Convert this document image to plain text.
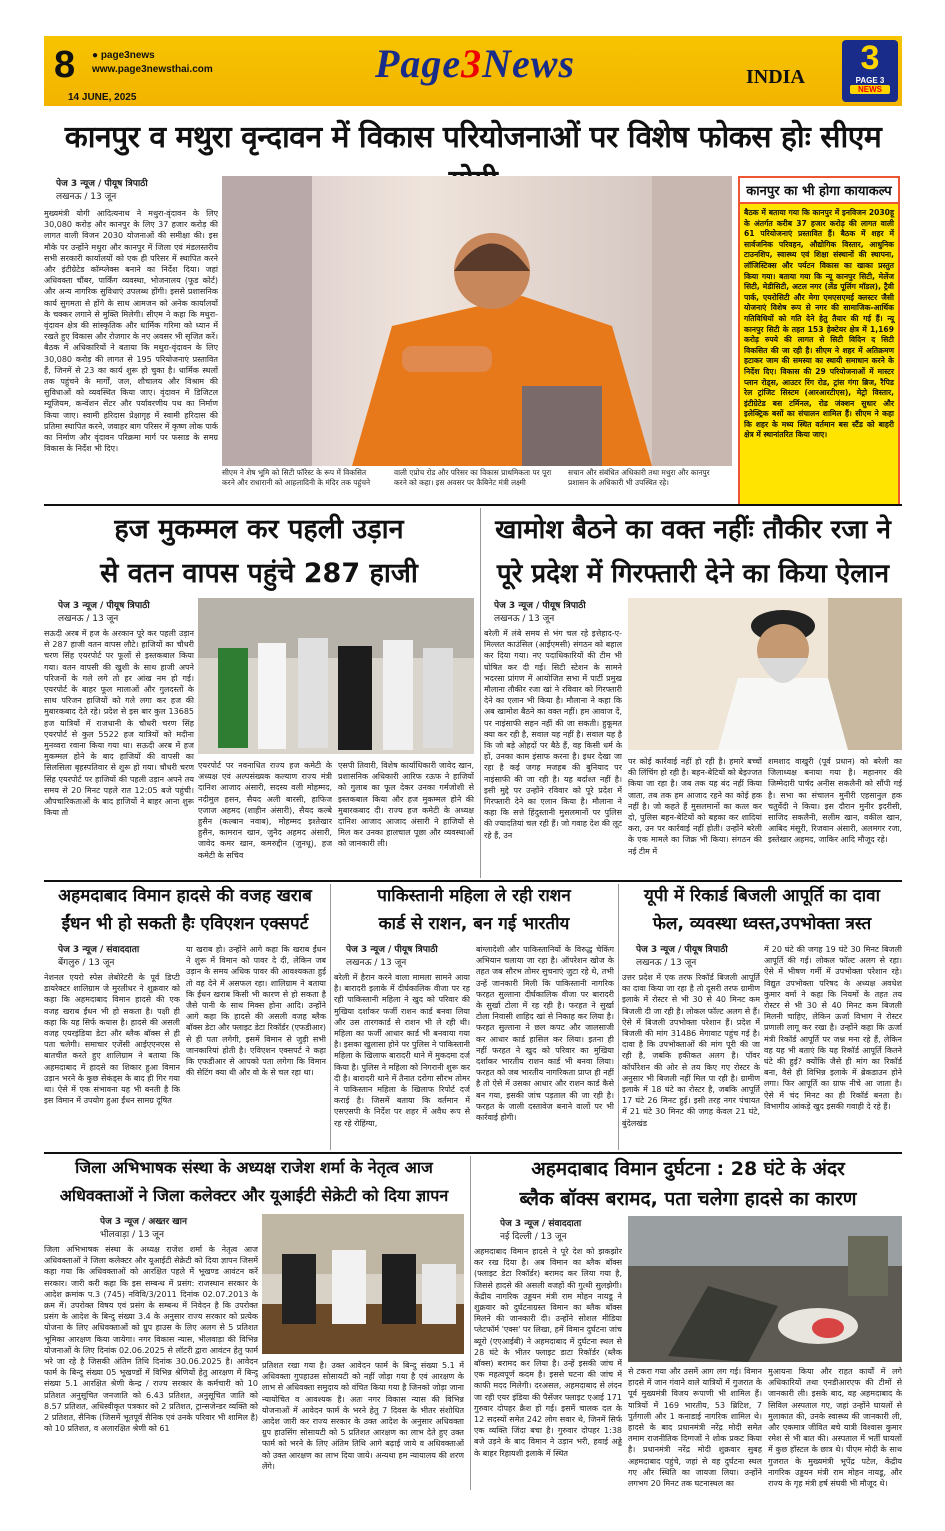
8	● page3news
www.page3newsthai.com
14 JUNE, 2025
Page3News	INDIA	3
PAGE 3
NEWS
कानपुर व मथुरा वृन्दावन में विकास परियोजनाओं पर विशेष फोकस होः सीएम
पेज 3 न्यूज / पीयूष त्रिपाठी
लखनऊ / 13 जून
मुख्यमंत्री योगी आदित्यनाथ ने मथुरा-वृंदावन के लिए 30,080 करोड़ और कानपुर के लिए 37 हजार करोड़ की लागत वाली विजन 2030 योजनाओं की समीक्षा की। इस मौके पर उन्होंने मथुरा और कानपुर में जिला एवं मंडलस्तरीय सभी सरकारी कार्यालयों को एक ही परिसर में स्थापित करने और इंटीग्रेटेड कॉम्प्लेक्स बनाने का निर्देश दिया। जहां अधिवक्ता चौंबर, पार्किंग व्यवस्था, भोजनालय (फूड कोर्ट) और अन्य नागरिक सुविधाएं उपलब्ध होंगी। इससे प्रशासनिक कार्य सुगमता से होंगे के साथ आमजन को अनेक कार्यालयों के चक्कर लगाने से मुक्ति मिलेगी। सीएम ने कहा कि मथुरा-वृंदावन क्षेत्र की सांस्कृतिक और धार्मिक गरिमा को ध्यान में रखते हुए विकास और रोजगार के नए अवसर भी सृजित करें। बैठक में अधिकारियों ने बताया कि मथुरा-वृंदावन के लिए 30,080 करोड़ की लागत से 195 परियोजनाएं प्रस्तावित हैं, जिनमें से 23 का कार्य शुरू हो चुका है। धार्मिक स्थलों तक पहुंचने के मार्गों, जल, शौचालय और विश्राम की सुविधाओं को व्यवस्थित किया जाए। वृंदावन में डिजिटल म्यूजियम, कन्वेंशन सेंटर और पर्यावरणीय पथ का निर्माण किया जाए। स्वामी हरिदास प्रेक्षागृह में स्वामी हरिदास की प्रतिमा स्थापित करने, जवाहर बाग परिसर में कृष्ण लोक पार्क का निर्माण और वृंदावन परिक्रमा मार्ग पर फसाड के समग्र विकास के निर्देश भी दिए।
सीएम ने शेष भूमि को सिटी फॉरेस्ट के रूप में विकसित करने और राधारानी को आहलादिनी के मंदिर तक पहुंचने
वाली एप्रोच रोड और परिसर का विकास प्राथमिकता पर पूरा करने को कहा। इस अवसर पर कैबिनेट मंत्री लक्ष्मी
सचान और संबंधित अधिकारी तथा मथुरा और कानपुर प्रशासन के अधिकारी भी उपस्थित रहे।
कानपुर का भी होगा कायाकल्प
बैठक में बताया गया कि कानपुर में इनविजन 2030हू के अंतर्गत करीब 37 हजार करोड़ की लागत वाली 61 परियोजनाएं प्रस्तावित हैं। बैठक में शहर में सार्वजनिक परिवहन, औद्योगिक विस्तार, आधुनिक टाउनशिप, स्वास्थ्य एवं शिक्षा संस्थानों की स्थापना, लॉजिस्टिक्स और पर्यटन विकास का खाका प्रस्तुत किया गया। बताया गया कि न्यू कानपुर सिटी, मेलेंज सिटी, मेडीसिटी, अटल नगर (लेंड पूलिंग मॉडल), ट्रैवी पार्क, एयरोसिटी और मेगा एमएसएमई क्लस्टर जैसी योजनाएं विशेष रूप से नगर की सामाजिक-आर्थिक गतिविधियों को गति देने हेतु तैयार की गई हैं। न्यू कानपुर सिटी के तहत 153 हेक्टेयर क्षेत्र में 1,169 करोड़ रुपये की लागत से सिटी विदिन द सिटी विकसित की जा रही है। सीएम ने शहर में अतिक्रमण हटाकर जाम की समस्या का स्थायी समाधान करने के निर्देश दिए। विकास की 29 परियोजनाओं में मास्टर प्लान रोड्स, आउटर रिंग रोड, ट्रांस गंगा ब्रिज, रैपिड रेल ट्रांजिट सिस्टम (आरआरटीएस), मेट्रो विस्तार, इंटीग्रेटेड बस टर्मिनल, रोड जंक्शन सुधार और इलेक्ट्रिक बसों का संचालन शामिल हैं। सीएम ने कहा कि शहर के मध्य स्थित वर्तमान बस स्टैंड को बाहरी क्षेत्र में स्थानांतरित किया जाए।
हज मुकम्मल कर पहली उड़ान
से वतन वापस पहुंचे 287 हाजी
पेज 3 न्यूज / पीयूष त्रिपाठी
लखनऊ / 13 जून
सऊदी अरब में हज के अरकान पूरे कर पहली उड़ान से 287 हाजी वतन वापस लौटे। हाजियों का चौधरी चरण सिंह एयरपोर्ट पर फूलों से इस्तकबाल किया गया। वतन वापसी की खुशी के साथ हाजी अपने परिजनों के गले लगे तो हर आंख नम हो गई। एयरपोर्ट के बाहर फूल मालाओं और गुलदस्तों के साथ परिजन हाजियों को गले लगा कर हज की मुबारकबाद देते रहे। प्रदेश से इस बार कुल 13685 हज यात्रियों में राजधानी के चौधरी चरण सिंह एयरपोर्ट से कुल 5522 हज यात्रियों को मदीना मुनव्वरा रवाना किया गया था। सऊदी अरब में हज मुकम्मल होने के बाद हाजियों की वापसी का सिलसिला बृहस्पतिवार से शुरू हो गया। चौधरी चरण सिंह एयरपोर्ट पर हाजियों की पहली उड़ान अपने तय समय से 20 मिनट पहले रात 12:05 बजे पहुंची। औपचारिकताओं के बाद हाजियों ने बाहर आना शुरू किया तो
एयरपोर्ट पर नवनाधित राज्य हज कमेटी के अध्यक्ष एवं अल्पसंख्यक कल्याण राज्य मंत्री दानिश आजाद अंसारी, सदस्य वली मोहम्मद, नदीमुल हसन, सैयद अली बारसी, हाफिज एजाज अहमद (शाहीन अंसारी), सैयद कल्बे हुसैन (कल्बान नवाब), मोहम्मद इश्तेखार हुसैन, कामरान खान, जुनैद अहमद अंसारी, जावेद कमर खान, कमरुद्दीन (जुनधू), हज कमेटी के सचिव
एसपी तिवारी, विशेष कार्याधिकारी जावेद खान, प्रशासनिक अधिकारी आरिफ रऊफ ने हाजियों को गुलाब का फूल देकर उनका गर्मजोशी से इस्तकबाल किया और हज मुकम्मल होने की मुबारकबाद दी। राज्य हज कमेटी के अध्यक्ष दानिश आजाद आजाद अंसारी ने हाजियों से मिल कर उनका हालचाल पूछा और व्यवस्थाओं को जानकारी ली।
खामोश बैठने का वक्त नहींः तौकीर रजा ने
पूरे प्रदेश में गिरफ्तारी देने का किया ऐलान
पेज 3 न्यूज / पीयूष त्रिपाठी
लखनऊ / 13 जून
बरेली में लंबे समय से भंग चल रहे इत्तेहाद-ए-मिल्लत काउंसिल (आईएमसी) संगठन को बहाल कर दिया गया। नए पदाधिकारियों की टीम भी घोषित कर दी गई। सिटी स्टेशन के सामने भदरसा प्रांगण में आयोजित सभा में पार्टी प्रमुख मौलाना तौकीर रजा खां ने रविवार को गिरफ्तारी देने का एलान भी किया है। मौलाना ने कहा कि अब खामोश बैठने का वक्त नहीं। हम आवाज दें, पर नाइंसाफी सहन नहीं की जा सकती। हुकूमत क्या कर रही है, सवाल यह नहीं है। सवाल यह है कि जो बड़े ओहदों पर बैठे हैं, वह किसी धर्म के हों, उनका काम इंसाफ करना है। इधर देखा जा रहा है कई जगह मजहब की बुनियाद पर नाइंसाफी की जा रही है। यह बर्दाश्त नहीं है। इसी मुद्दे पर उन्होंने रविवार को पूरे प्रदेश में गिरफ्तारी देने का एलान किया है। मौलाना ने कहा कि सत्ते हिंदुस्तानी मुसलमानों पर पुलिस की ज्यादतियां चल रही हैं। जो गवाह देश की लूट रहे हैं, उन
पर कोई कार्रवाई नहीं हो रही है। हमारे बच्चों की लिंचिंग हो रही है। बहन-बेटियों को बेइज्जत किया जा रहा है। जब तक यह बंद नहीं किया जाता, तब तक हम आजाद रहने का कोई हक नहीं है। जो कहते हैं मुसलमानों का कत्ल कर दो, पुलिस बहन-बेटियों को बहका कर शादियां करा, उन पर कार्रवाई नहीं होती। उन्होंने बरेली के एक मामले का जिक्र भी किया। संगठन की नई टीम में
शमशाद वाखुरी (पूर्व प्रधान) को बरेली का जिलाध्यक्ष बनाया गया है। महानगर की जिम्मेदारी पार्षद अनीस सकलैनी को सौंपी गई है। सभा का संचालन मुनीरी एहसानुल हक चतुर्वेदी ने किया। इस दौरान मुनीर इदरीसी, साजिद सकलैनी, सलीम खान, वकील खान, आबिद मंसूरी, रिजवान अंसारी, अलमगर रजा, इस्तेखार अहमद, जाकिर आदि मौजूद रहे।
अहमदाबाद विमान हादसे की वजह खराब
ईंधन भी हो सकती हैः एविएशन एक्सपर्ट
पेज 3 न्यूज / संवाददाता
बेंगलुरु / 13 जून
नेशनल एयरो स्पेस लेबोरेटरी के पूर्व डिप्टी डायरेक्टर शालिग्राम जे मुरलीधर ने शुक्रवार को कहा कि अहमदाबाद विमान हादसे की एक वजह खराब ईंधन भी हो सकता है। पक्षी ही कहा कि यह सिर्फ कयास है। हादसे की असली वजह एयरइंडिया डेटा और ब्लैक बॉक्स से ही पता चलेगी। समाचार एजेंसी आईएएनएस से बातचीत करते हुए शालिग्राम ने बताया कि अहमदाबाद में हादसे का शिकार हुआ विमान उड़ान भरने के कुछ सेकंड्स के बाद ही गिर गया था। ऐसे में एक संभावना यह भी बनती है कि इस विमान में उपयोग हुआ ईंधन सामग्र दूषित
या खराब हो। उन्होंने आगे कहा कि खराब ईंधन ने शुरू में विमान को पावर दे दी, लेकिन जब उड़ान के समय अधिक पावर की आवश्यकता हुई तो वह देने में असफल रहा। शालिग्राम ने बताया कि ईंधन खराब किसी भी कारण से हो सकता है जैसे पानी के साथ मिक्स होना आदि। उन्होंने आगे कहा कि हादसे की असली वजह ब्लैक बॉक्स डेटा और फ्लाइट डेटा रिकॉर्डर (एफडीआर) से ही पता लगेगी, इसमें विमान से जुड़ी सभी जानकारियां होती है। एविएशन एक्सपर्ट ने कहा कि एफडीआर से आपको पता लगेगा कि विमान की सेटिंग क्या थी और वो के से चल रहा था।
पाकिस्तानी महिला ले रही राशन
कार्ड से राशन, बन गई भारतीय
पेज 3 न्यूज / पीयूष त्रिपाठी
लखनऊ / 13 जून
बरेली में हैरान करने वाला मामला सामने आया है। बारादरी इलाके में दीर्घकालिक वीजा पर रह रही पाकिस्तानी महिला ने खुद को परिवार की मुखिया दर्शाकर फर्जी राशन कार्ड बनवा लिया और उस तारगकार्ड से राशन भी ले रही थी। महिला का फर्जी आधार कार्ड भी बनवाया गया है। इसका खुलासा होने पर पुलिस ने पाकिस्तानी महिला के खिलाफ बारादरी थाने में मुकदमा दर्ज किया है। पुलिस ने महिला को निगरानी शुरू कर दी है। बारादरी थाने में तैनात दरोगा सौरभ तोमर ने पाकिस्तान महिला के खिलाफ रिपोर्ट दर्ज कराई है। जिसमें बताया कि वर्तमान में एसएसपी के निर्देश पर शहर में अवैध रूप से रह रहे रोहिंग्या,
बांग्लादेशी और पाकिस्तानियों के विरुद्ध चेकिंग अभियान चलाया जा रहा है। ऑपरेशन खोज के तहत जब सौरभ तोमर सुचनाएं जुटा रहे थे, तभी उन्हें जानकारी मिली कि पाकिस्तानी नागरिक फरहत सुल्ताना दीर्घकालिक वीजा पर बारादरी के सुर्खा टोला में रह रही है। फरहत ने सुर्खा टोला निवासी शाहिद खां से निकाह कर लिया है। फरहत सुल्ताना ने छल कपट और जालसाजी कर आधार कार्ड हासिल कर लिया। इतना ही नहीं फरहत ने खुद को परिवार का मुखिया दर्शाकर भारतीय राशन कार्ड भी बनवा लिया। फरहत को जब भारतीय नागरिकता प्राप्त ही नहीं है तो ऐसे में उसका आधार और राशन कार्ड कैसे बन गया, इसकी जांच पड़ताल की जा रही है। फरहत के जाली दस्तावेज बनाने वालों पर भी कार्रवाई होगी।
यूपी में रिकार्ड बिजली आपूर्ति का दावा
फेल, व्यवस्था ध्वस्त,उपभोक्ता त्रस्त
पेज 3 न्यूज / पीयूष त्रिपाठी
लखनऊ / 13 जून
उत्तर प्रदेश में एक तरफ रिकॉर्ड बिजली आपूर्ति का दावा किया जा रहा है तो दूसरी तरफ ग्रामीण इलाके में रोस्टर से भी 30 से 40 मिनट कम बिजली दी जा रही है। लोकल फॉल्ट अलग से हैं। ऐसे में बिजली उपभोक्ता परेशान हैं। प्रदेश में बिजली की मांग 31486 मेगावाट पहुंच गई है। दावा है कि उपभोक्ताओं की मांग पूरी की जा रही है, जबकि हकीकत अलग है। पॉवर कॉर्पोरेशन की ओर से तय किए गए रोस्टर के अनुसार भी बिजली नहीं मिल पा रही है। ग्रामीण इलाके में 18 घंटे का रोस्टर है, जबकि आपूर्ति 17 घंटे 26 मिनट हुई। इसी तरह नगर पंचायत में 21 घंटे 30 मिनट की जगह केवल 21 घंटे, बुंदेलखंड
में 20 घंटे की जगह 19 घंटे 30 मिनट बिजली आपूर्ति की गई। लोकल फॉल्ट अलग से रहा। ऐसे में भीषण गर्मी में उपभोक्ता परेशान रहे। विद्युत उपभोक्ता परिषद के अध्यक्ष अवधेश कुमार वर्मा ने कहा कि नियमों के तहत तय रोस्टर से भी 30 से 40 मिनट कम बिजली मिलनी चाहिए, लेकिन ऊर्जा विभाग ने रोस्टर प्रणाली लागू कर रखा है। उन्होंने कहा कि ऊर्जा मंत्री रिकॉर्ड आपूर्ति पर जश्न मना रहे हैं, लेकिन वह यह भी बताएं कि यह रिकॉर्ड आपूर्ति कितने घंटे की हुई? क्योंकि जैसे ही मांग का रिकॉर्ड बना, वैसे ही विभिन्न इलाके में ब्रेकडाउन होने लगा। फिर आपूर्ति का ग्राफ नीचे आ जाता है। ऐसे में चंद मिनट का ही रिकॉर्ड बनता है। विभागीय आंकड़े खुद इसकी गवाही दे रहे हैं।
जिला अभिभाषक संस्था के अध्यक्ष राजेश शर्मा के नेतृत्व आज
अधिवक्ताओं ने जिला कलेक्टर और यूआईटी सेक्रेटी को दिया ज्ञापन
पेज 3 न्यूज / अख्तर खान
भीलवाड़ा / 13 जून
जिला अभिभाषक संस्था के अध्यक्ष राजेश शर्मा के नेतृत्व आज अधिवक्ताओं ने जिला कलेक्टर और यूआईटी सेक्रेटी को दिया ज्ञापन जिसमें कहा गया कि अधिवक्ताओं को आरक्षित पहले में भूखण्ड आवंटन करें सरकार। जारी करी कहा कि इस सम्बन्ध में प्रसंग: राजस्थान सरकार के आदेश क्रमांक प.3 (745) नविवि/3/2011 दिनांक 02.07.2013 के क्रम में। उपरोक्त विषय एवं प्रसंग के सम्बन्ध में निवेदन है कि उपरोक्त प्रसंग के आदेश के बिन्दु संख्या 3.4 के अनुसार राज्य सरकार को प्रत्येक योजना के लिए अधिवक्ताओं को ग्रुप हाउस के लिए अलग से 5 प्रतिशत भूमिका आरक्षण किया जायेगा। नगर विकास न्यास, भीलवाड़ा की विभिन्न योजनाओं के लिए दिनांक 02.06.2025 से लॉटरी द्वारा आवंटन हेतु फार्म भरे जा रहे है जिसकी अंतिम तिथि दिनांक 30.06.2025 है। आवेदन फार्म के बिन्दु संख्या 05 भूखण्डों में विभिन्न श्रेणियों हेतु आरक्षण में बिन्दु संख्या 5.1 आरक्षित श्रेणी केन्द्र / राज्य सरकार के कर्मचारी को 10 प्रतिशत अनुसूचित जनजाति को 6.43 प्रतिशत, अनुसूचित जाति को 8.57 प्रतिशत, अधिस्वीकृत पत्रकार को 2 प्रतिशत, ट्रान्सजेन्डर व्यक्ति को 2 प्रतिशत, सैनिक (जिसमें भूतपूर्व सैनिक एवं उनके परिवार भी शामिल है) को 10 प्रतिशत, व अलारक्षित श्रेणी को 61
प्रतिशत रखा गया है। उक्त आवेदन फार्म के बिन्दु संख्या 5.1 में अधिवक्ता गुपहाउस सोसायटी को नहीं जोड़ा गया है एवं आरक्षण के लाभ से अधिवक्ता समुदाय को वंचित किया गया है जिनको जोड़ा जाना न्यायोचित व आवश्यक है। अतः नगर विकास न्यास की विभिन्न योजनाओं में आवेदन फार्म के भरने हेतु 7 दिवस के भीतर संशोधित आदेश जारी कर राज्य सरकार के उक्त आदेश के अनुसार अधिवक्ता ग्रुप हाउसिंग सोसायटी को 5 प्रतिशत आरक्षण का लाभ देते हुए उक्त फार्म को भरने के लिए अंतिम तिथि आगे बढ़ाई जाये व अधिवक्ताओं को उक्त आरक्षण का लाभ दिया जाये। अन्यथा हम न्यायालय की शरण लेंगे।
अहमदाबाद विमान दुर्घटना : 28 घंटे के अंदर
ब्लैक बॉक्स बरामद, पता चलेगा हादसे का कारण
पेज 3 न्यूज / संवाददाता
नई दिल्ली / 13 जून
अहमदाबाद विमान हादसे ने पूरे देश को झकझोर कर रख दिया है। अब विमान का ब्लैक बॉक्स (फ्लाइट डेटा रिकॉर्डर) बरामद कर लिया गया है, जिससे हादसे की असली वजहों की गुत्थी सुलझेगी। केंद्रीय नागरिक उड्डयन मंत्री राम मोहन नायडू ने शुक्रवार को दुर्घटनाग्रस्त विमान का ब्लैक बॉक्स मिलने की जानकारी दी। उन्होंने सोशल मीडिया प्लेटफॉर्म 'एक्स' पर लिखा, हमें विमान दुर्घटना जांच ब्यूरो (एएआईबी) ने अहमदाबाद में दुर्घटना स्थल से 28 घंटे के भीतर फ्लाइट डाटा रिकॉर्डर (ब्लैक बॉक्स) बरामद कर लिया है। उन्हें इसकी जांच में एक महत्वपूर्ण कदम है। इससे घटना की जांच में काफी मदद मिलेगी। दरअसल, अहमदाबाद से लंदन जा रही एयर इंडिया की पैसेंजर फ्लाइट एआई 171 गुरुवार दोपहर क्रैश हो गई। इसमें चालक दल के 12 सदस्यों समेत 242 लोग सवार थे, जिनमें सिर्फ एक व्यक्ति जिंदा बचा है। गुरुवार दोपहर 1:38 बजे उड़ने के बाद विमान ने उड़ान भरी, हवाई अड्डे के बाहर रिहायशी इलाके में स्थित
से टकरा गया और उसमें आग लग गई। विमान हादसे में जान गंवाने वाले यात्रियों में गुजरात के पूर्व मुख्यमंत्री विजय रूपाणी भी शामिल हैं। यात्रियों में 169 भारतीय, 53 ब्रिटिश, 7 पुर्तगाली और 1 कनाडाई नागरिक शामिल थे। हादसे के बाद प्रधानमंत्री नरेंद्र मोदी समेत तमाम राजनीतिक दिग्गजों ने शोक प्रकट किया है। प्रधानमंत्री नरेंद्र मोदी शुक्रवार सुबह अहमदाबाद पहुंचे, जहां से वह दुर्घटना स्थल गए और स्थिति का जायजा लिया। उन्होंने लगभग 20 मिनट तक घटनास्थल का
मुआयना किया और राहत कार्यों में लगे अधिकारियों तथा एनडीआरएफ की टीमों से जानकारी ली। इसके बाद, वह अहमदाबाद के सिविल अस्पताल गए, जहां उन्होंने घायलों से मुलाकात की, उनके स्वास्थ्य की जानकारी ली, और एकमात्र जीवित बचे यात्री विश्वास कुमार रमेश से भी बात की। अस्पताल में भर्ती घायलों में कुछ हॉस्टल के छात्र थे। पीएम मोदी के साथ गुजरात के मुख्यमंत्री भूपेंद्र पटेल, केंद्रीय नागरिक उड्डयन मंत्री राम मोहन नायडू, और राज्य के गृह मंत्री हर्ष संघवी भी मौजूद थे।
